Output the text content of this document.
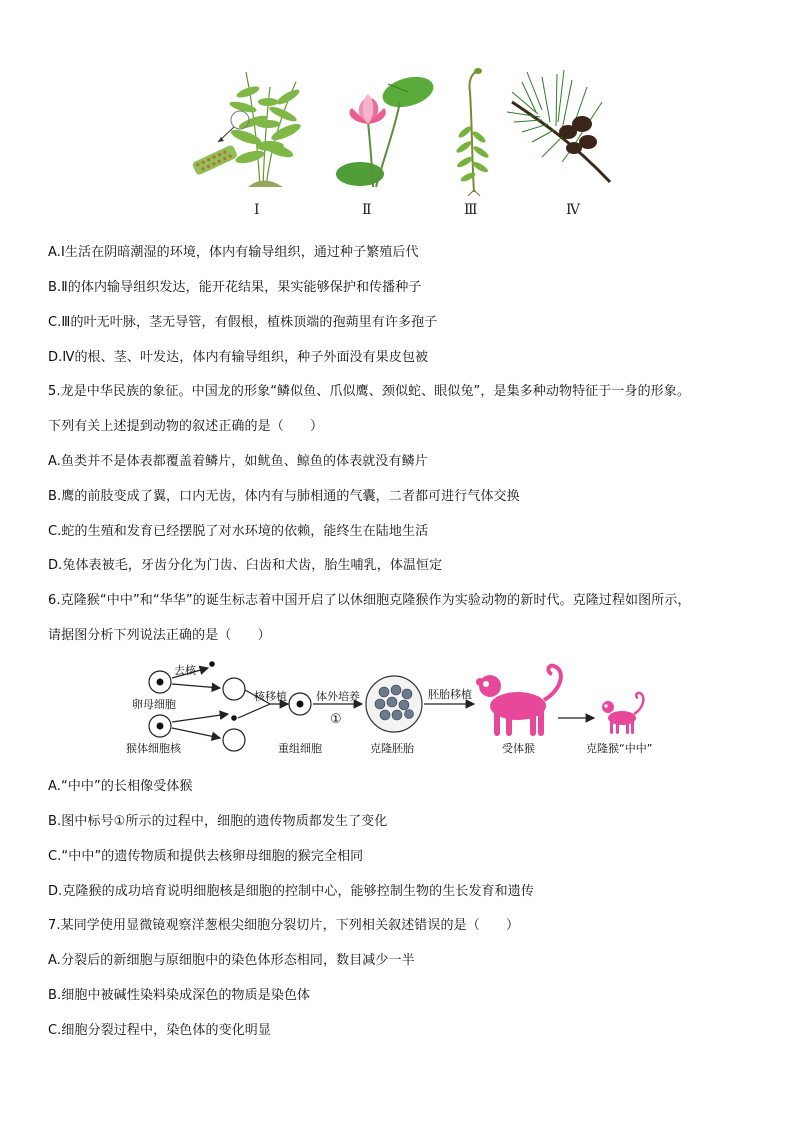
Ⅰ	Ⅱ	Ⅲ	Ⅳ
A.Ⅰ生活在阴暗潮湿的环境，体内有输导组织，通过种子繁殖后代
B.Ⅱ的体内输导组织发达，能开花结果，果实能够保护和传播种子
C.Ⅲ的叶无叶脉，茎无导管，有假根，植株顶端的孢蒴里有许多孢子
D.Ⅳ的根、茎、叶发达，体内有输导组织，种子外面没有果皮包被
5.龙是中华民族的象征。中国龙的形象“鳞似鱼、爪似鹰、颈似蛇、眼似兔”，是集多种动物特征于一身的形象。
下列有关上述提到动物的叙述正确的是（　　）
A.鱼类并不是体表都覆盖着鳞片，如鱿鱼、鲸鱼的体表就没有鳞片
B.鹰的前肢变成了翼，口内无齿，体内有与肺相通的气囊，二者都可进行气体交换
C.蛇的生殖和发育已经摆脱了对水环境的依赖，能终生在陆地生活
D.兔体表被毛，牙齿分化为门齿、臼齿和犬齿，胎生哺乳，体温恒定
6.克隆猴“中中”和“华华”的诞生标志着中国开启了以休细胞克隆猴作为实验动物的新时代。克隆过程如图所示，
请据图分析下列说法正确的是（　　）
去核
卵母细胞
猴体细胞核
核移植	体外培养
①
重组细胞	克隆胚胎
胚胎移植
受体猴	克隆猴“中中”
A.“中中”的长相像受体猴
B.图中标号①所示的过程中，细胞的遗传物质都发生了变化
C.“中中”的遗传物质和提供去核卵母细胞的猴完全相同
D.克隆猴的成功培育说明细胞核是细胞的控制中心，能够控制生物的生长发育和遗传
7.某同学使用显微镜观察洋葱根尖细胞分裂切片，下列相关叙述错误的是（　　）
A.分裂后的新细胞与原细胞中的染色体形态相同，数目减少一半
B.细胞中被碱性染料染成深色的物质是染色体
C.细胞分裂过程中，染色体的变化明显
